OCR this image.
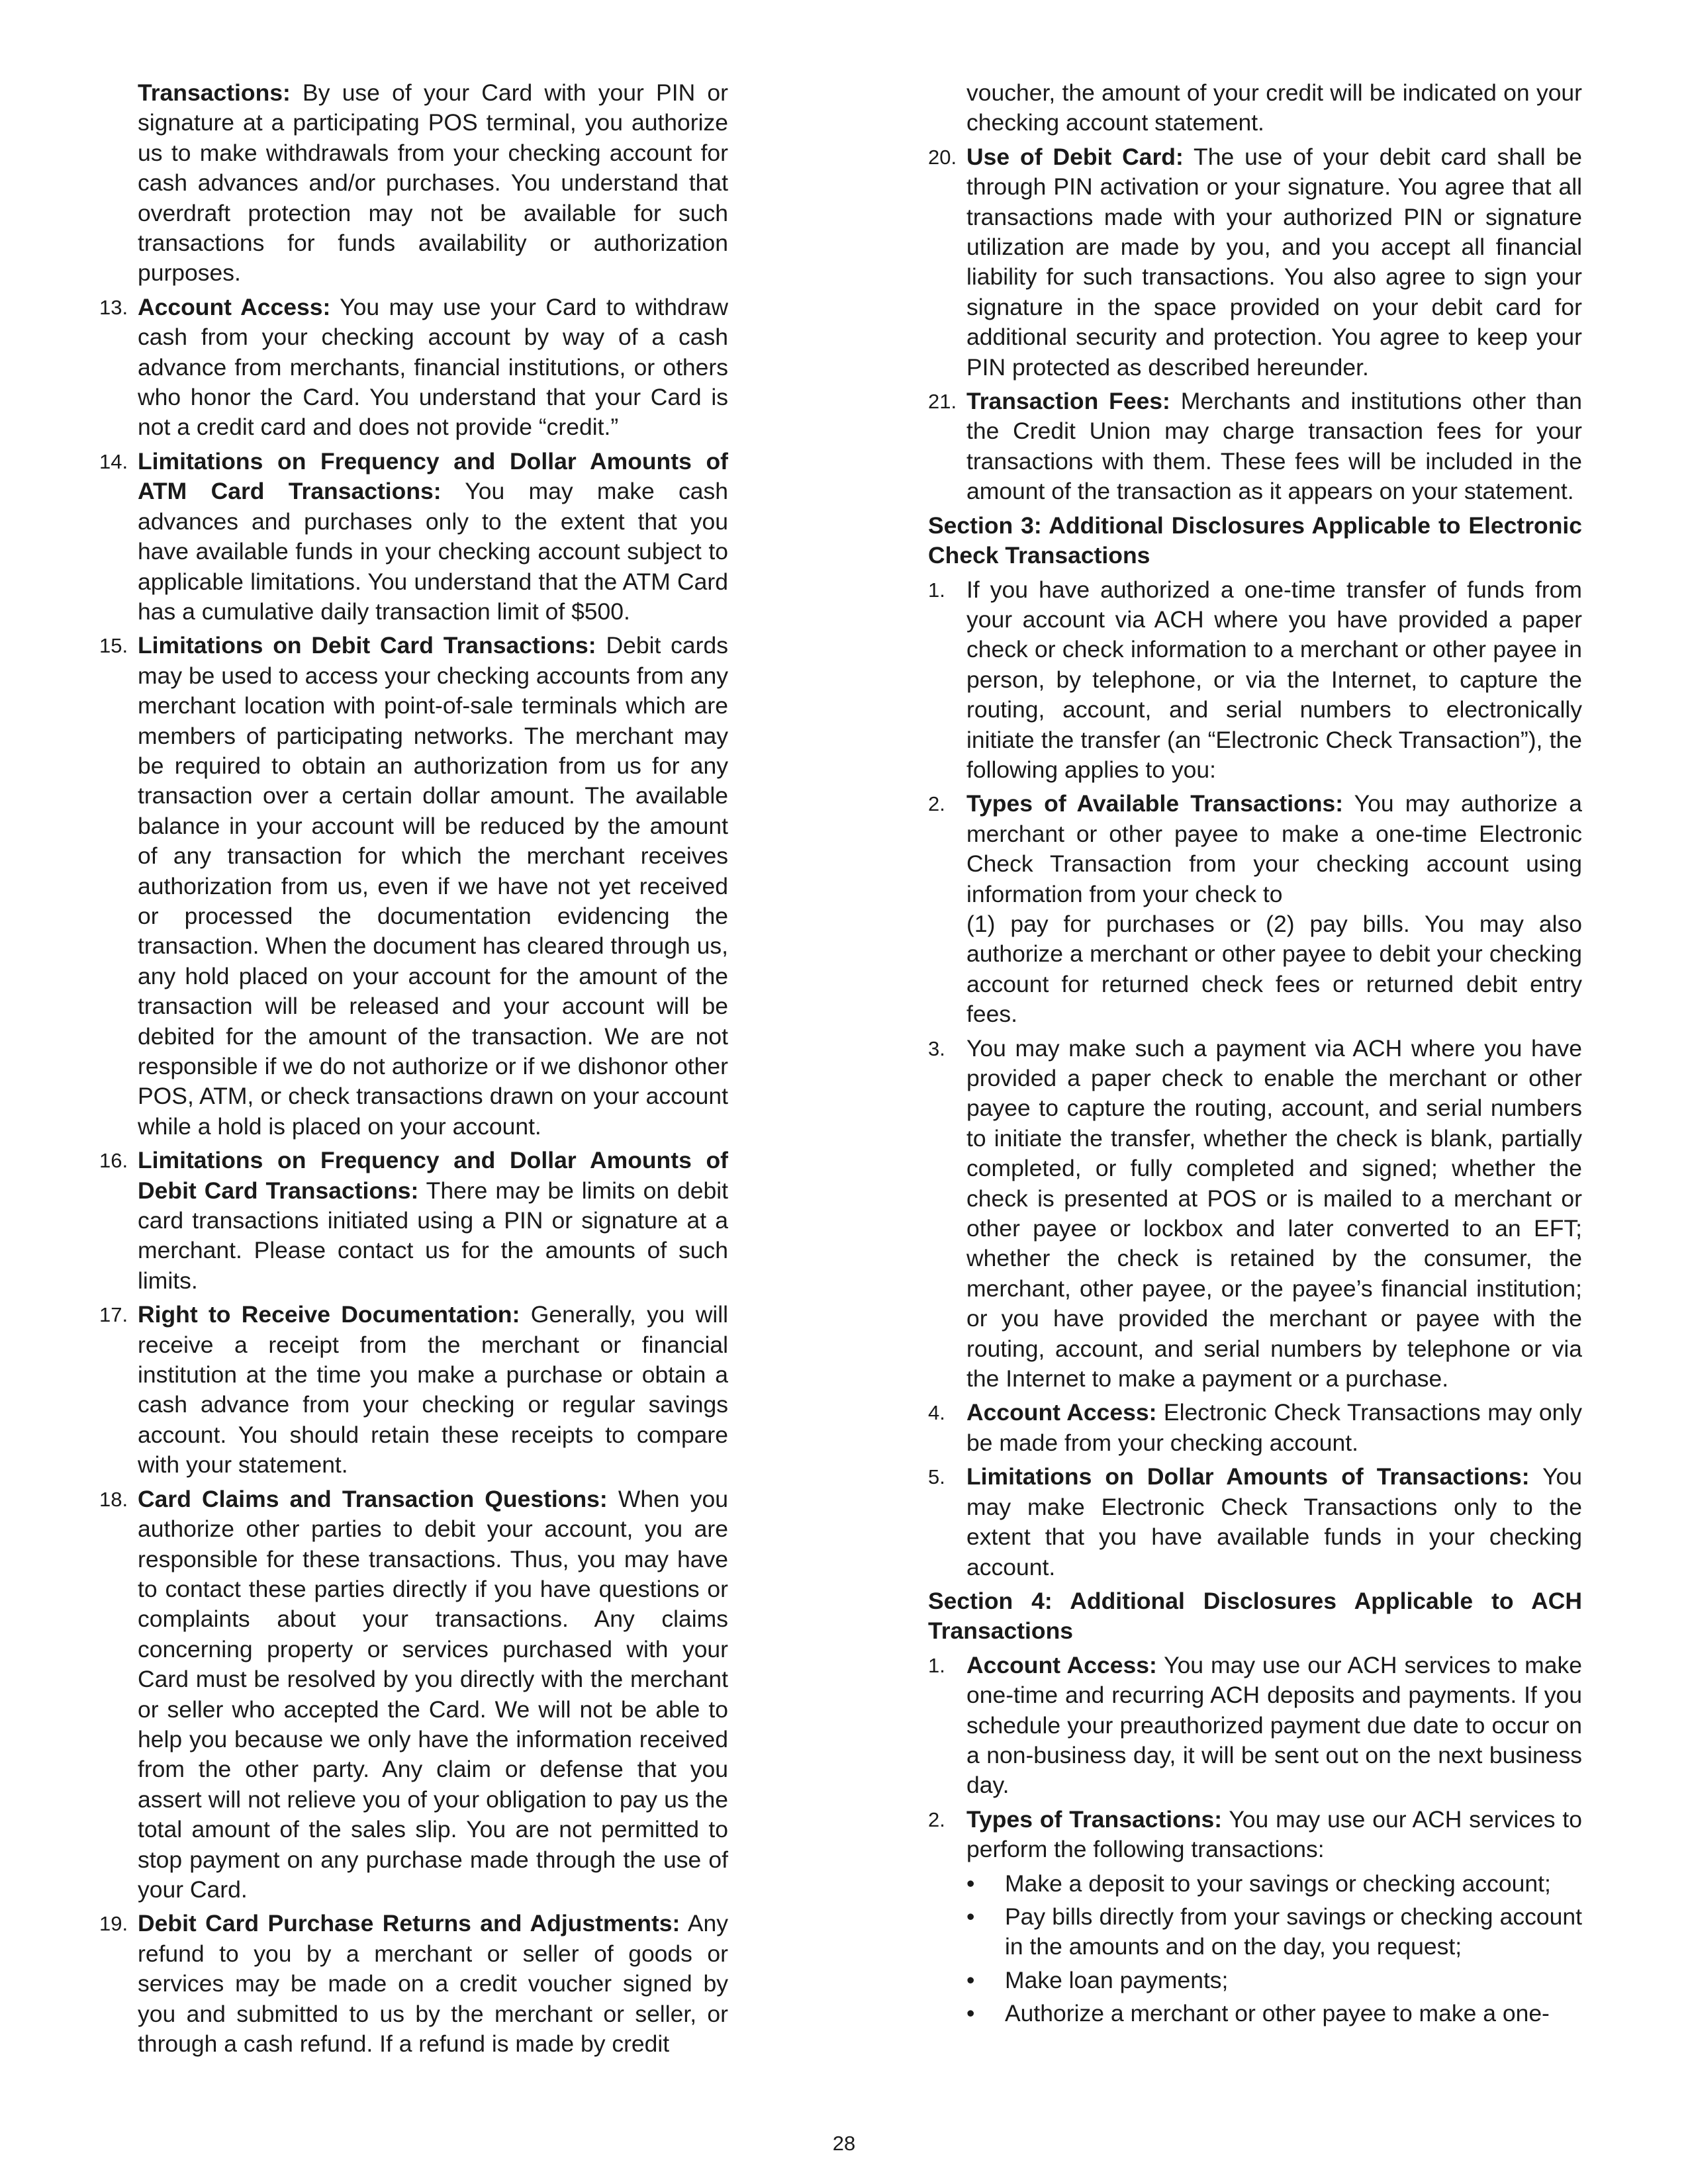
Transactions: By use of your Card with your PIN or signature at a participating POS terminal, you authorize us to make withdrawals from your checking account for cash advances and/or purchases. You understand that overdraft protection may not be available for such transactions for funds availability or authorization purposes.
13. Account Access: You may use your Card to withdraw cash from your checking account by way of a cash advance from merchants, financial institutions, or others who honor the Card. You understand that your Card is not a credit card and does not provide “credit.”
14. Limitations on Frequency and Dollar Amounts of ATM Card Transactions: You may make cash advances and purchases only to the extent that you have available funds in your checking account subject to applicable limitations. You understand that the ATM Card has a cumulative daily transaction limit of $500.
15. Limitations on Debit Card Transactions: Debit cards may be used to access your checking accounts from any merchant location with point-of-sale terminals which are members of participating networks. The merchant may be required to obtain an authorization from us for any transaction over a certain dollar amount. The available balance in your account will be reduced by the amount of any transaction for which the merchant receives authorization from us, even if we have not yet received or processed the documentation evidencing the transaction. When the document has cleared through us, any hold placed on your account for the amount of the transaction will be released and your account will be debited for the amount of the transaction. We are not responsible if we do not authorize or if we dishonor other POS, ATM, or check transactions drawn on your account while a hold is placed on your account.
16. Limitations on Frequency and Dollar Amounts of Debit Card Transactions: There may be limits on debit card transactions initiated using a PIN or signature at a merchant. Please contact us for the amounts of such limits.
17. Right to Receive Documentation: Generally, you will receive a receipt from the merchant or financial institution at the time you make a purchase or obtain a cash advance from your checking or regular savings account. You should retain these receipts to compare with your statement.
18. Card Claims and Transaction Questions: When you authorize other parties to debit your account, you are responsible for these transactions. Thus, you may have to contact these parties directly if you have questions or complaints about your transactions. Any claims concerning property or services purchased with your Card must be resolved by you directly with the merchant or seller who accepted the Card. We will not be able to help you because we only have the information received from the other party. Any claim or defense that you assert will not relieve you of your obligation to pay us the total amount of the sales slip. You are not permitted to stop payment on any purchase made through the use of your Card.
19. Debit Card Purchase Returns and Adjustments: Any refund to you by a merchant or seller of goods or services may be made on a credit voucher signed by you and submitted to us by the merchant or seller, or through a cash refund. If a refund is made by credit
voucher, the amount of your credit will be indicated on your checking account statement.
20. Use of Debit Card: The use of your debit card shall be through PIN activation or your signature. You agree that all transactions made with your authorized PIN or signature utilization are made by you, and you accept all financial liability for such transactions. You also agree to sign your signature in the space provided on your debit card for additional security and protection. You agree to keep your PIN protected as described hereunder.
21. Transaction Fees: Merchants and institutions other than the Credit Union may charge transaction fees for your transactions with them. These fees will be included in the amount of the transaction as it appears on your statement.
Section 3: Additional Disclosures Applicable to Electronic Check Transactions
1. If you have authorized a one-time transfer of funds from your account via ACH where you have provided a paper check or check information to a merchant or other payee in person, by telephone, or via the Internet, to capture the routing, account, and serial numbers to electronically initiate the transfer (an “Electronic Check Transaction”), the following applies to you:
2. Types of Available Transactions: You may authorize a merchant or other payee to make a one-time Electronic Check Transaction from your checking account using information from your check to
(1) pay for purchases or (2) pay bills. You may also authorize a merchant or other payee to debit your checking account for returned check fees or returned debit entry fees.
3. You may make such a payment via ACH where you have provided a paper check to enable the merchant or other payee to capture the routing, account, and serial numbers to initiate the transfer, whether the check is blank, partially completed, or fully completed and signed; whether the check is presented at POS or is mailed to a merchant or other payee or lockbox and later converted to an EFT; whether the check is retained by the consumer, the merchant, other payee, or the payee’s financial institution; or you have provided the merchant or payee with the routing, account, and serial numbers by telephone or via the Internet to make a payment or a purchase.
4. Account Access: Electronic Check Transactions may only be made from your checking account.
5. Limitations on Dollar Amounts of Transactions: You may make Electronic Check Transactions only to the extent that you have available funds in your checking account.
Section 4: Additional Disclosures Applicable to ACH Transactions
1. Account Access: You may use our ACH services to make one-time and recurring ACH deposits and payments. If you schedule your preauthorized payment due date to occur on a non-business day, it will be sent out on the next business day.
2. Types of Transactions: You may use our ACH services to perform the following transactions:
• Make a deposit to your savings or checking account;
• Pay bills directly from your savings or checking account in the amounts and on the day, you request;
• Make loan payments;
• Authorize a merchant or other payee to make a one-
28
